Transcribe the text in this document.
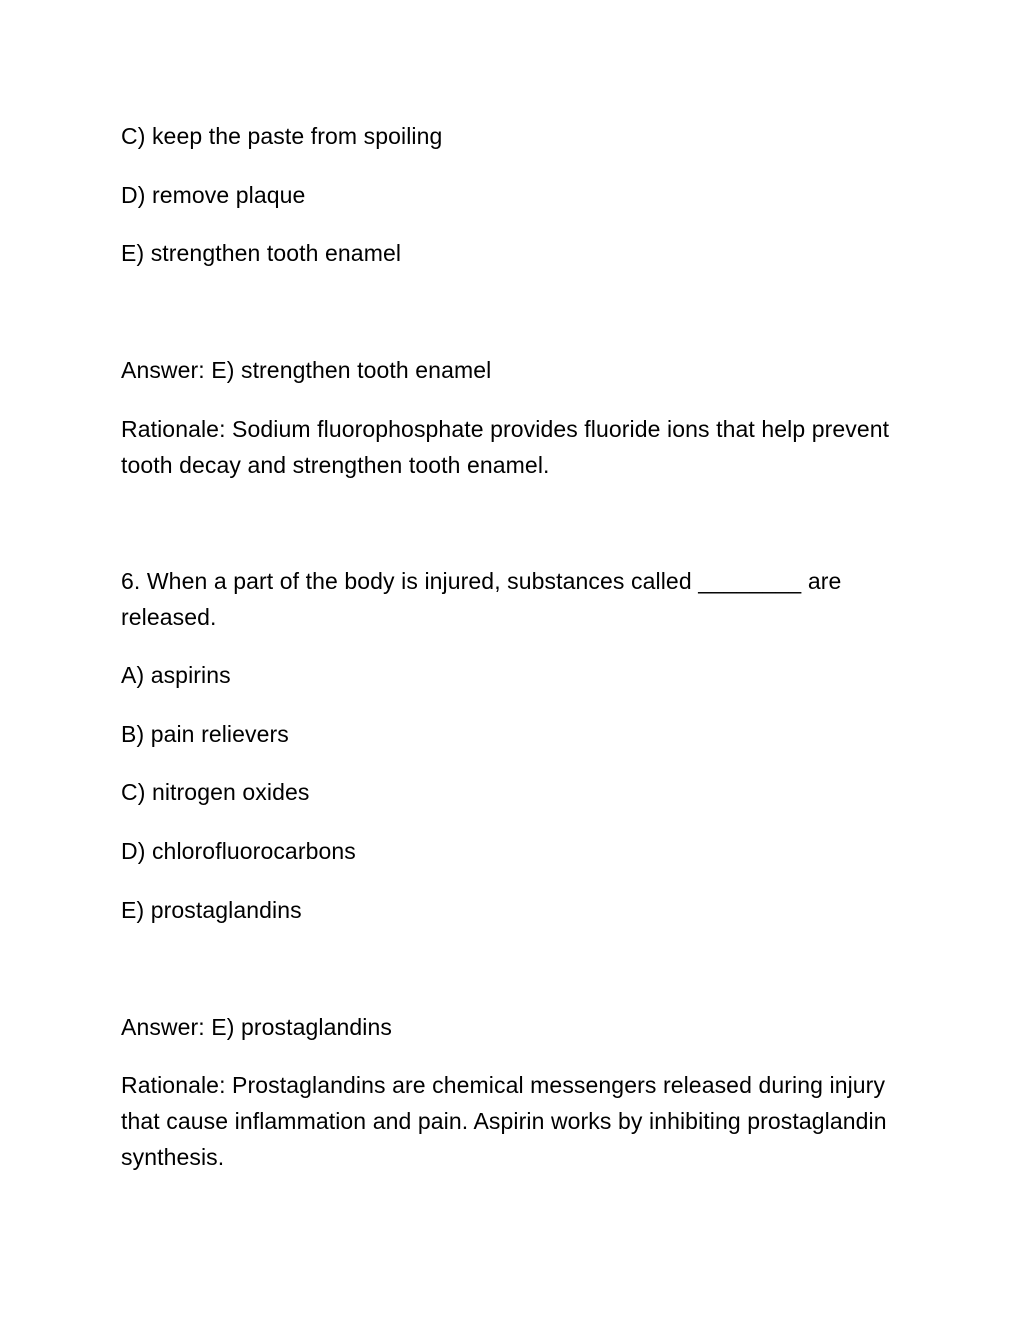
C) keep the paste from spoiling
D) remove plaque
E) strengthen tooth enamel
Answer: E) strengthen tooth enamel
Rationale: Sodium fluorophosphate provides fluoride ions that help prevent tooth decay and strengthen tooth enamel.
6. When a part of the body is injured, substances called ________ are released.
A) aspirins
B) pain relievers
C) nitrogen oxides
D) chlorofluorocarbons
E) prostaglandins
Answer: E) prostaglandins
Rationale: Prostaglandins are chemical messengers released during injury that cause inflammation and pain. Aspirin works by inhibiting prostaglandin synthesis.
